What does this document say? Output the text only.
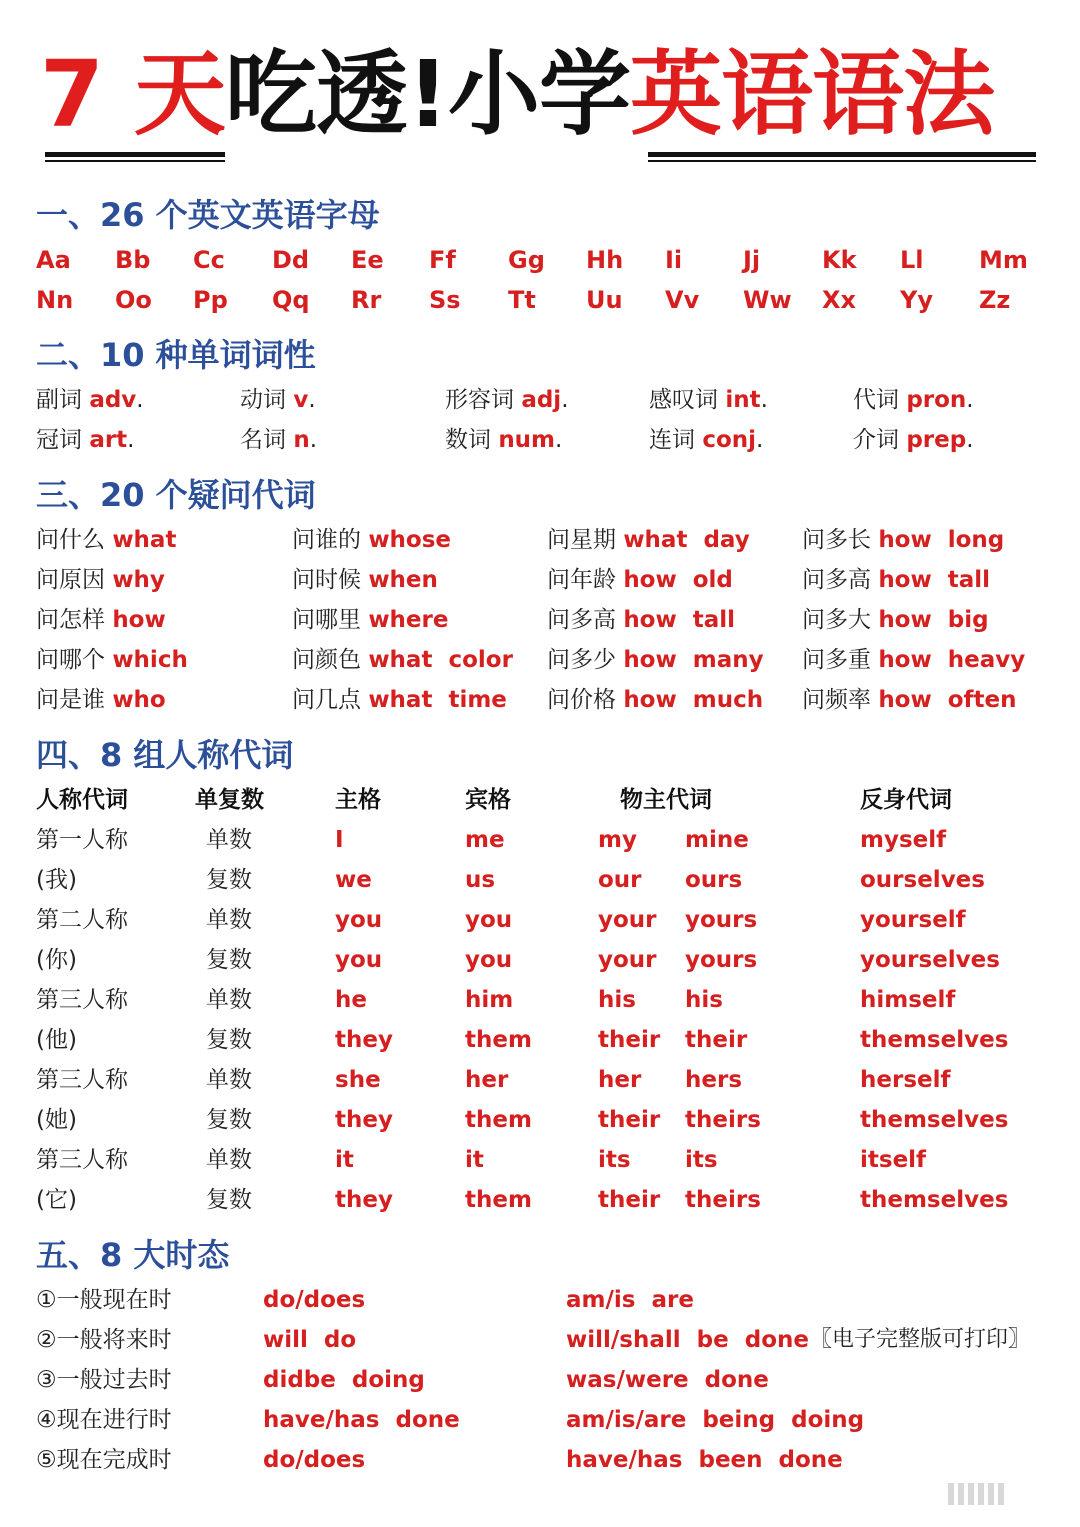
7 天吃透!小学英语语法
一、26 个英文英语字母
Aa Bb Cc Dd Ee Ff Gg Hh Ii	Jj	Kk Ll Mm
Nn Oo Pp Qq Rr Ss Tt Uu Vv Ww Xx Yy Zz
二、10 种单词词性
副词 adv.	动词 v.	形容词 adj.	感叹词 int.	代词 pron.
冠词 art.	名词 n.	数词 num.	连词 conj.	介词 prep.
三、20 个疑问代词
问什么 what	问谁的 whose	问星期 what  day 问多长 how  long
问原因 why	问时候 when	问年龄 how  old	问多高 how  tall
问怎样 how	问哪里 where	问多高 how  tall	问多大 how  big
问哪个 which	问颜色 what  color 问多少 how  many 问多重 how  heavy
问是谁 who	问几点 what  time 问价格 how  much 问频率 how  often
四、8 组人称代词
人称代词	单复数	主格	宾格	物主代词	反身代词
第一人称	单数	I	me	my mine	myself
(我)	复数	we	us	our ours	ourselves
第二人称	单数	you	you	your yours	yourself
(你)	复数	you	you	your yours	yourselves
第三人称	单数	he	him	his his	himself
(他)	复数	they	them	their their	themselves
第三人称	单数	she	her	her hers	herself
(她)	复数	they	them	their theirs	themselves
第三人称	单数	it	it	its its	itself
(它)	复数	they	them	their theirs	themselves
五、8 大时态
①一般现在时	do/does	am/is  are
②一般将来时	will  do	will/shall  be  done 〖电子完整版可打印〗
③一般过去时	didbe  doing	was/were  done
④现在进行时	have/has  done	am/is/are  being  doing
⑤现在完成时	do/does	have/has  been  done
